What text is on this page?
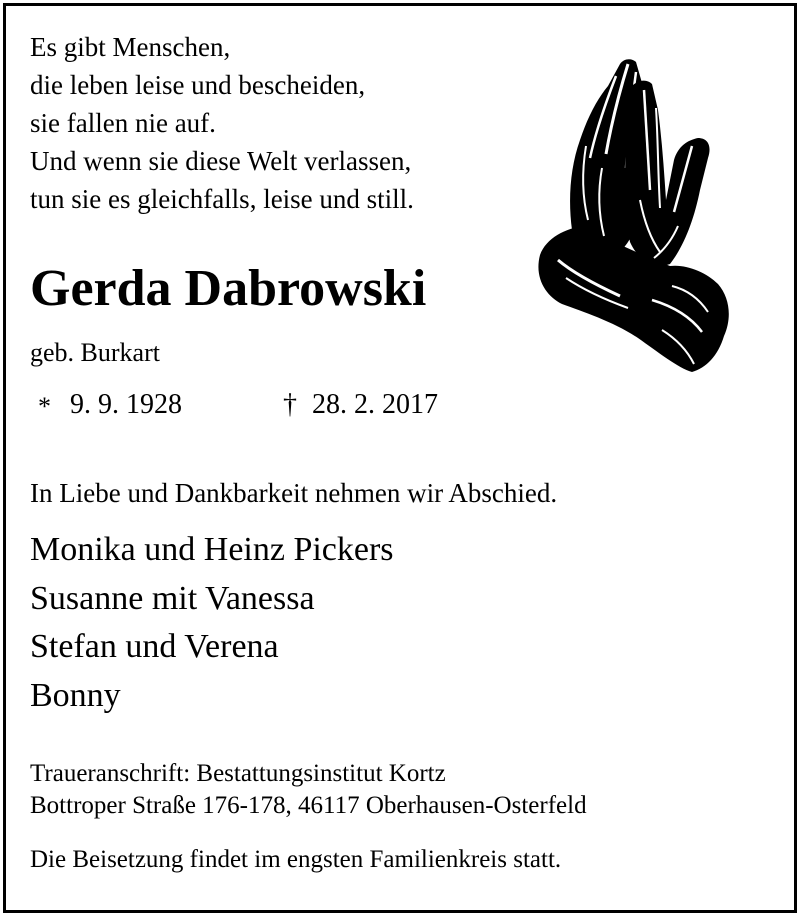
Es gibt Menschen,
die leben leise und bescheiden,
sie fallen nie auf.
Und wenn sie diese Welt verlassen,
tun sie es gleichfalls, leise und still.
Gerda Dabrowski
geb. Burkart
* 9. 9. 1928	† 28. 2. 2017
In Liebe und Dankbarkeit nehmen wir Abschied.
Monika und Heinz Pickers
Susanne mit Vanessa
Stefan und Verena
Bonny
Traueranschrift: Bestattungsinstitut Kortz
Bottroper Straße 176-178, 46117 Oberhausen-Osterfeld
Die Beisetzung findet im engsten Familienkreis statt.
